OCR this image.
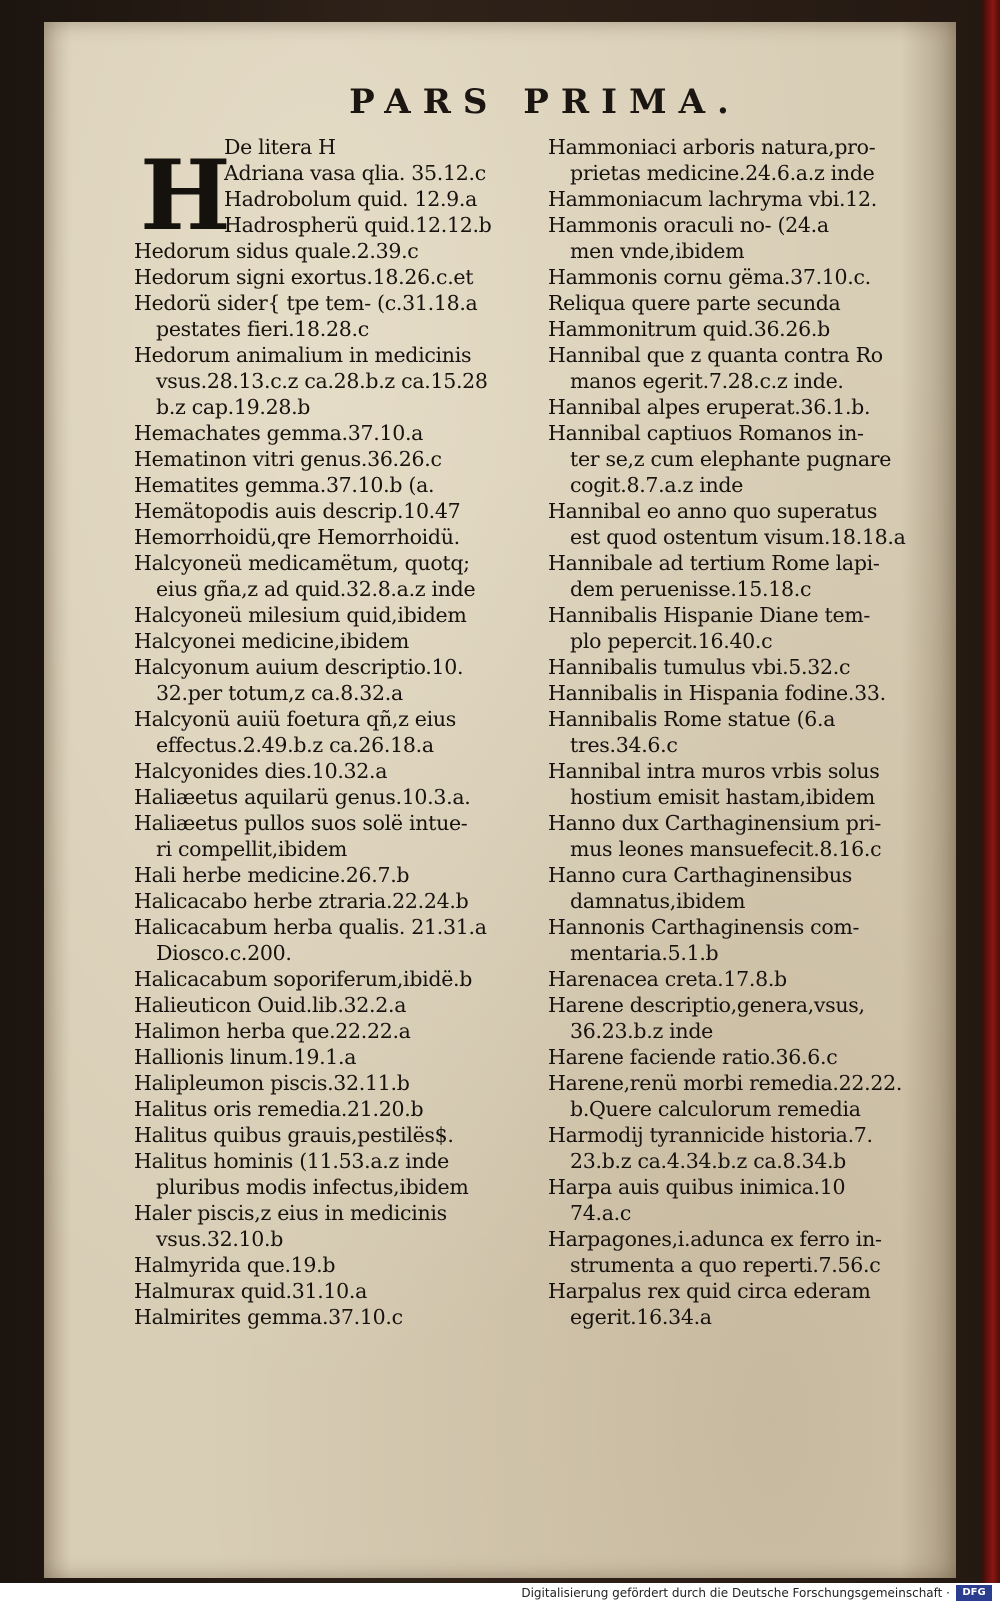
PARS PRIMA.
H
De litera H
Adriana vasa qlia. 35.12.c
Hadrobolum quid. 12.9.a
Hadrospherü quid.12.12.b
Hedorum sidus quale.2.39.c
Hedorum signi exortus.18.26.c.et
Hedorü sider{ tpe tem- (c.31.18.a
pestates fieri.18.28.c
Hedorum animalium in medicinis
vsus.28.13.c.z ca.28.b.z ca.15.28
b.z cap.19.28.b
Hemachates gemma.37.10.a
Hematinon vitri genus.36.26.c
Hematites gemma.37.10.b (a.
Hemätopodis auis descrip.10.47
Hemorrhoidü,qre Hemorrhoidü.
Halcyoneü medicamëtum, quotq;
eius gña,z ad quid.32.8.a.z inde
Halcyoneü milesium quid,ibidem
Halcyonei medicine,ibidem
Halcyonum auium descriptio.10.
32.per totum,z ca.8.32.a
Halcyonü auiü foetura qñ,z eius
effectus.2.49.b.z ca.26.18.a
Halcyonides dies.10.32.a
Haliæetus aquilarü genus.10.3.a.
Haliæetus pullos suos solë intue-
ri compellit,ibidem
Hali herbe medicine.26.7.b
Halicacabo herbe ztraria.22.24.b
Halicacabum herba qualis. 21.31.a
Diosco.c.200.
Halicacabum soporiferum,ibidë.b
Halieuticon Ouid.lib.32.2.a
Halimon herba que.22.22.a
Hallionis linum.19.1.a
Halipleumon piscis.32.11.b
Halitus oris remedia.21.20.b
Halitus quibus grauis,pestilës$.
Halitus hominis (11.53.a.z inde
pluribus modis infectus,ibidem
Haler piscis,z eius in medicinis
vsus.32.10.b
Halmyrida que.19.b
Halmurax quid.31.10.a
Halmirites gemma.37.10.c
Hammoniaci arboris natura,pro-
prietas medicine.24.6.a.z inde
Hammoniacum lachryma vbi.12.
Hammonis oraculi no- (24.a
men vnde,ibidem
Hammonis cornu gëma.37.10.c.
Reliqua quere parte secunda
Hammonitrum quid.36.26.b
Hannibal que z quanta contra Ro
manos egerit.7.28.c.z inde.
Hannibal alpes eruperat.36.1.b.
Hannibal captiuos Romanos in-
ter se,z cum elephante pugnare
cogit.8.7.a.z inde
Hannibal eo anno quo superatus
est quod ostentum visum.18.18.a
Hannibale ad tertium Rome lapi-
dem peruenisse.15.18.c
Hannibalis Hispanie Diane tem-
plo pepercit.16.40.c
Hannibalis tumulus vbi.5.32.c
Hannibalis in Hispania fodine.33.
Hannibalis Rome statue (6.a
tres.34.6.c
Hannibal intra muros vrbis solus
hostium emisit hastam,ibidem
Hanno dux Carthaginensium pri-
mus leones mansuefecit.8.16.c
Hanno cura Carthaginensibus
damnatus,ibidem
Hannonis Carthaginensis com-
mentaria.5.1.b
Harenacea creta.17.8.b
Harene descriptio,genera,vsus,
36.23.b.z inde
Harene faciende ratio.36.6.c
Harene,renü morbi remedia.22.22.
b.Quere calculorum remedia
Harmodij tyrannicide historia.7.
23.b.z ca.4.34.b.z ca.8.34.b
Harpa auis quibus inimica.10
74.a.c
Harpagones,i.adunca ex ferro in-
strumenta a quo reperti.7.56.c
Harpalus rex quid circa ederam
egerit.16.34.a
Digitalisierung gefördert durch die Deutsche Forschungsgemeinschaft ·	DFG
